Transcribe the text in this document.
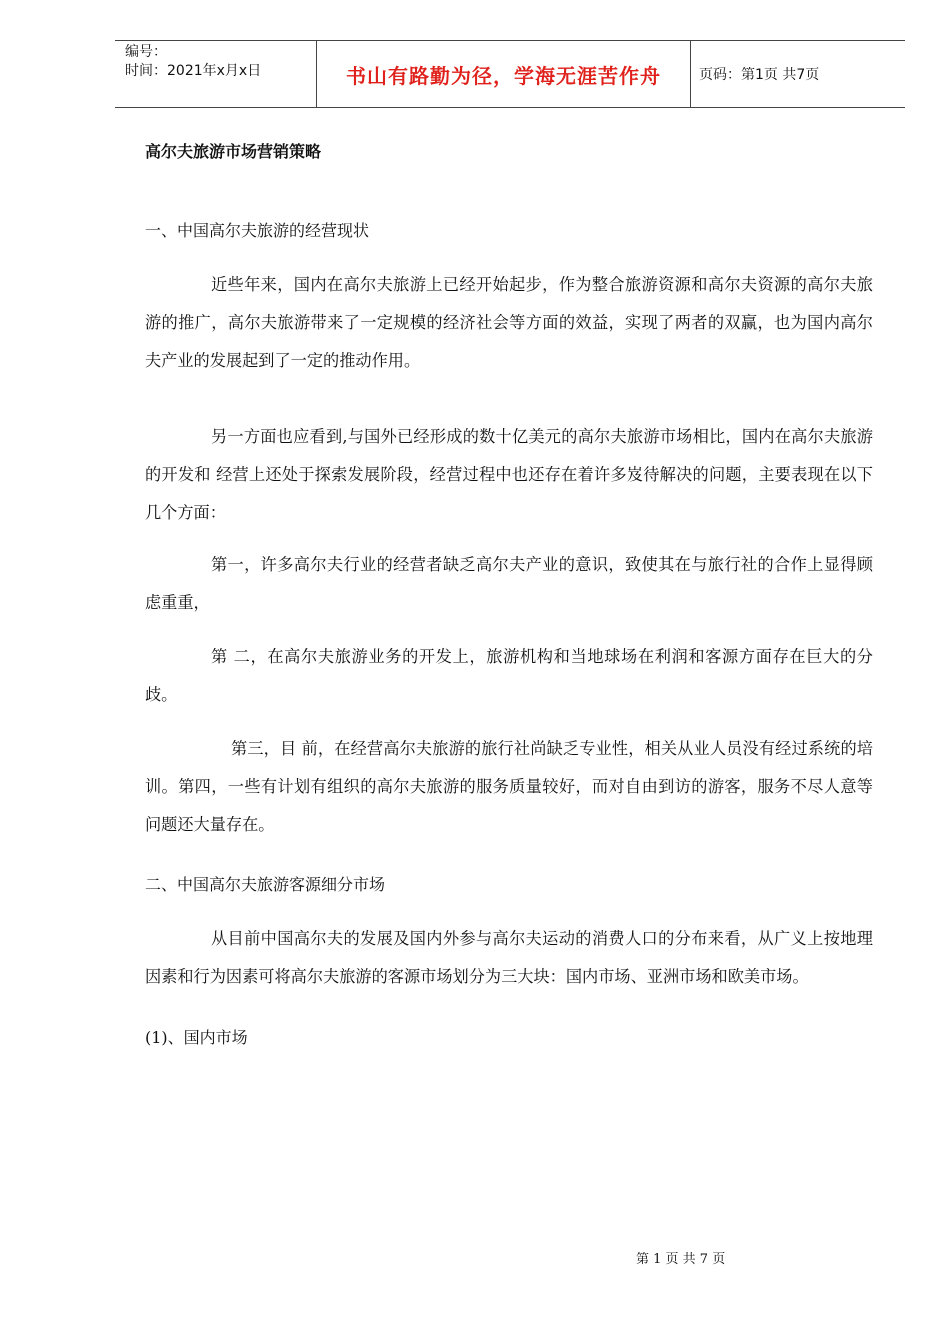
编号：
时间：2021年x月x日	书山有路勤为径，学海无涯苦作舟	页码：第1页 共7页

高尔夫旅游市场营销策略

一、中国高尔夫旅游的经营现状

近些年来，国内在高尔夫旅游上已经开始起步，作为整合旅游资源和高尔夫资源的高尔夫旅游的推广，高尔夫旅游带来了一定规模的经济社会等方面的效益，实现了两者的双赢，也为国内高尔夫产业的发展起到了一定的推动作用。

另一方面也应看到,与国外已经形成的数十亿美元的高尔夫旅游市场相比，国内在高尔夫旅游的开发和 经营上还处于探索发展阶段，经营过程中也还存在着许多岌待解决的问题，主要表现在以下几个方面：

第一，许多高尔夫行业的经营者缺乏高尔夫产业的意识，致使其在与旅行社的合作上显得顾虑重重，

第 二，在高尔夫旅游业务的开发上，旅游机构和当地球场在利润和客源方面存在巨大的分歧。

第三，目 前，在经营高尔夫旅游的旅行社尚缺乏专业性，相关从业人员没有经过系统的培训。第四，一些有计划有组织的高尔夫旅游的服务质量较好，而对自由到访的游客，服务不尽人意等 问题还大量存在。

二、中国高尔夫旅游客源细分市场

从目前中国高尔夫的发展及国内外参与高尔夫运动的消费人口的分布来看，从广义上按地理因素和行为因素可将高尔夫旅游的客源市场划分为三大块：国内市场、亚洲市场和欧美市场。

(1)、国内市场

第 1 页 共 7 页
